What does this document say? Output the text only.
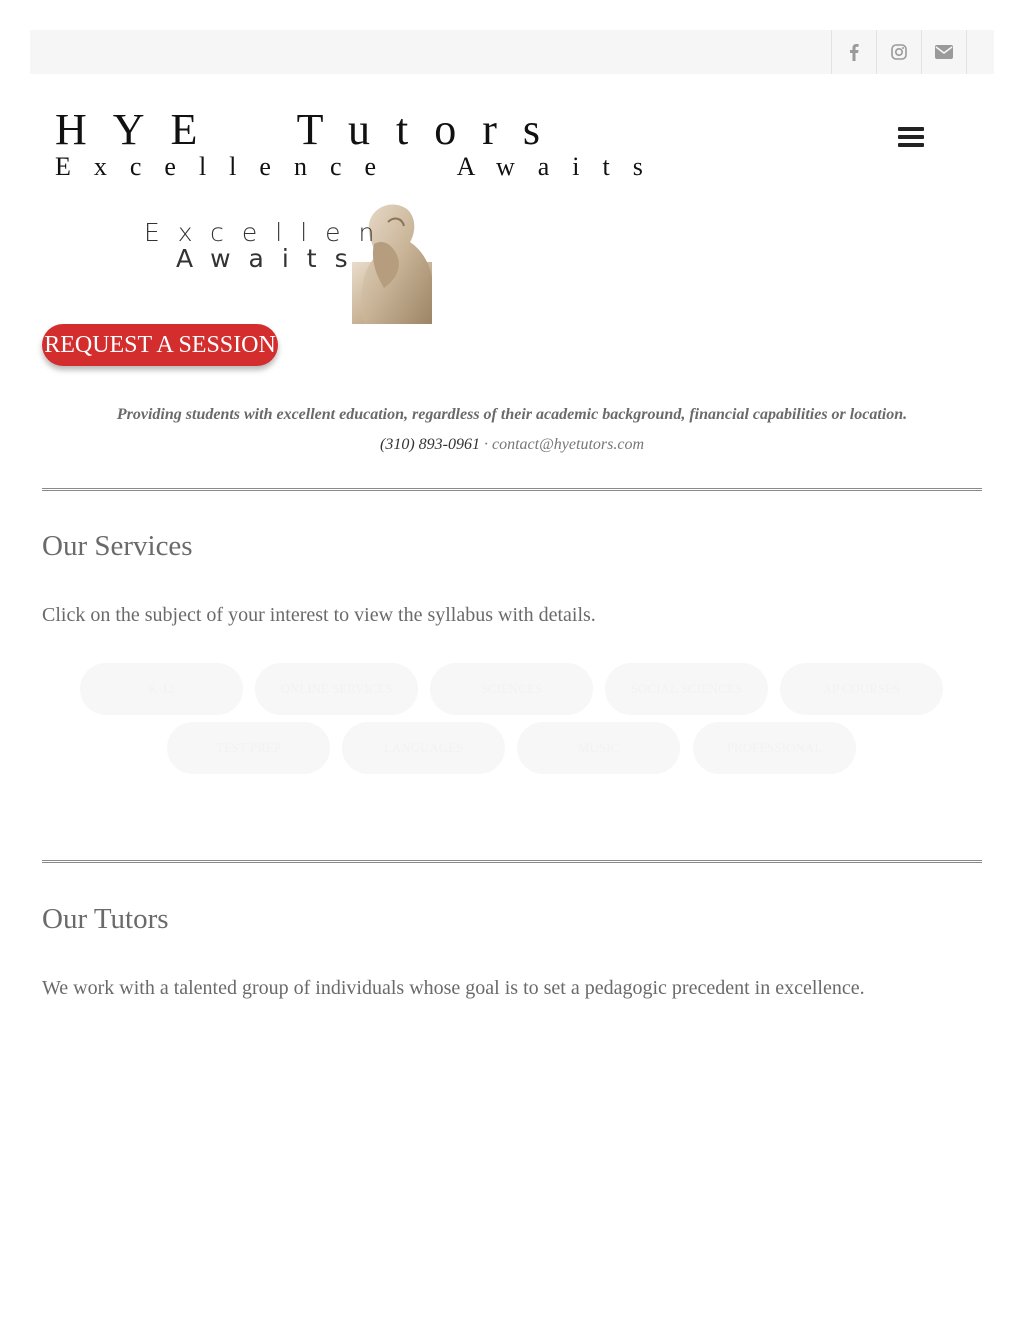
HYE  Tutors
Excellence  Awaits
Excellen
Awaits
REQUEST A SESSION
Providing students with excellent education, regardless of their academic background, financial capabilities or location.
(310) 893-0961 · contact@hyetutors.com
Our Services
Click on the subject of your interest to view the syllabus with details.
K-12	ONLINE SERVICES	SCIENCES	SOCIAL SCIENCES	AP COURSES
TEST PREP	LANGUAGES	MUSIC	PROFESSIONAL
Our Tutors
We work with a talented group of individuals whose goal is to set a pedagogic precedent in excellence.
